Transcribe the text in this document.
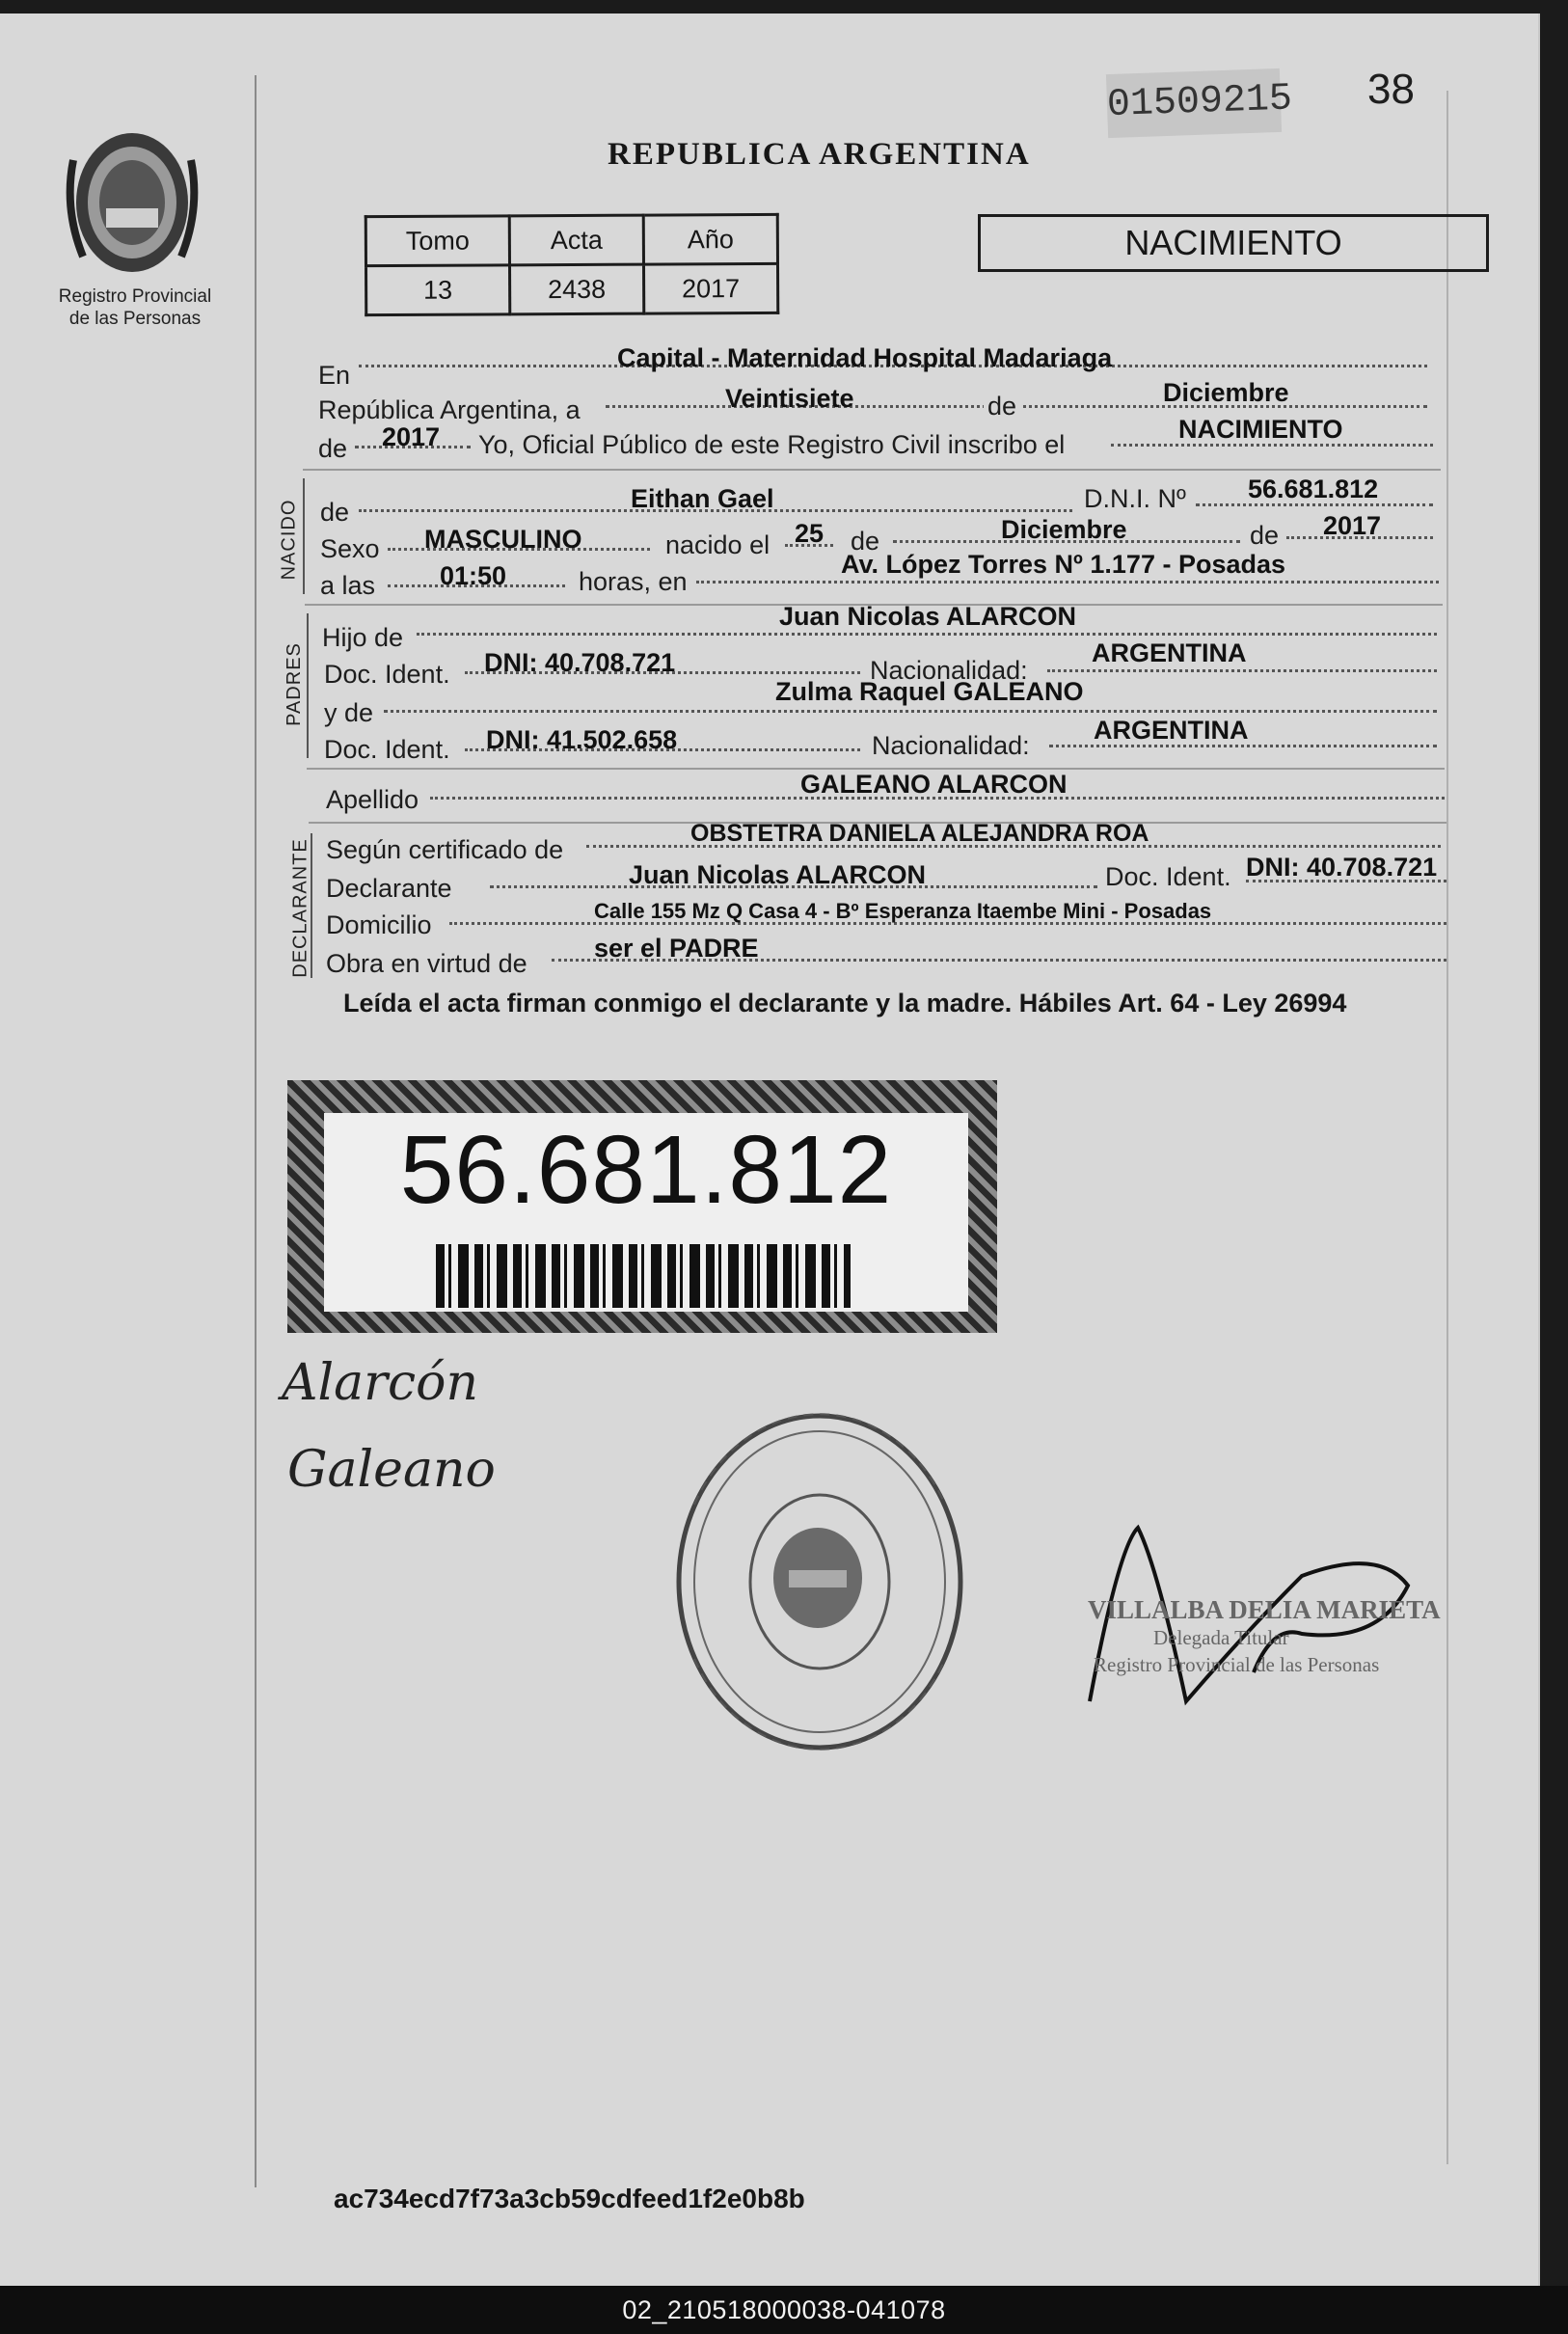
Registro Provincial
de las Personas
01509215 38
REPUBLICA ARGENTINA
Tomo	Acta	Año
13	2438	2017
NACIMIENTO
En
Capital - Maternidad Hospital Madariaga
República Argentina, a	Veintisiete	de	Diciembre
de 2017 Yo, Oficial Público de este Registro Civil inscribo el
NACIMIENTO
NACIDO de	Eithan Gael	D.N.I. Nº 56.681.812
Sexo MASCULINO	nacido el 25 de	Diciembre	de 2017
a las 01:50	horas, en
Av. López Torres Nº 1.177 - Posadas
PADRES
Hijo de
Juan Nicolas ALARCON
Doc. Ident. DNI: 40.708.721	Nacionalidad:
ARGENTINA
y de
Zulma Raquel GALEANO
Doc. Ident. DNI: 41.502.658	Nacionalidad:
ARGENTINA
Apellido
GALEANO ALARCON
DECLARANTE Según certificado de
OBSTETRA DANIELA ALEJANDRA ROA
Declarante	Juan Nicolas ALARCON	Doc. Ident. DNI: 40.708.721
Domicilio	Calle 155 Mz Q Casa 4 - Bº Esperanza Itaembe Mini - Posadas
Obra en virtud de
ser el PADRE
Leída el acta firman conmigo el declarante y la madre. Hábiles Art. 64 - Ley 26994
56.681.812
Alarcón
Galeano
VILLALBA DELIA MARIETA
Delegada Titular
Registro Provincial de las Personas
ac734ecd7f73a3cb59cdfeed1f2e0b8b
02_210518000038-041078
